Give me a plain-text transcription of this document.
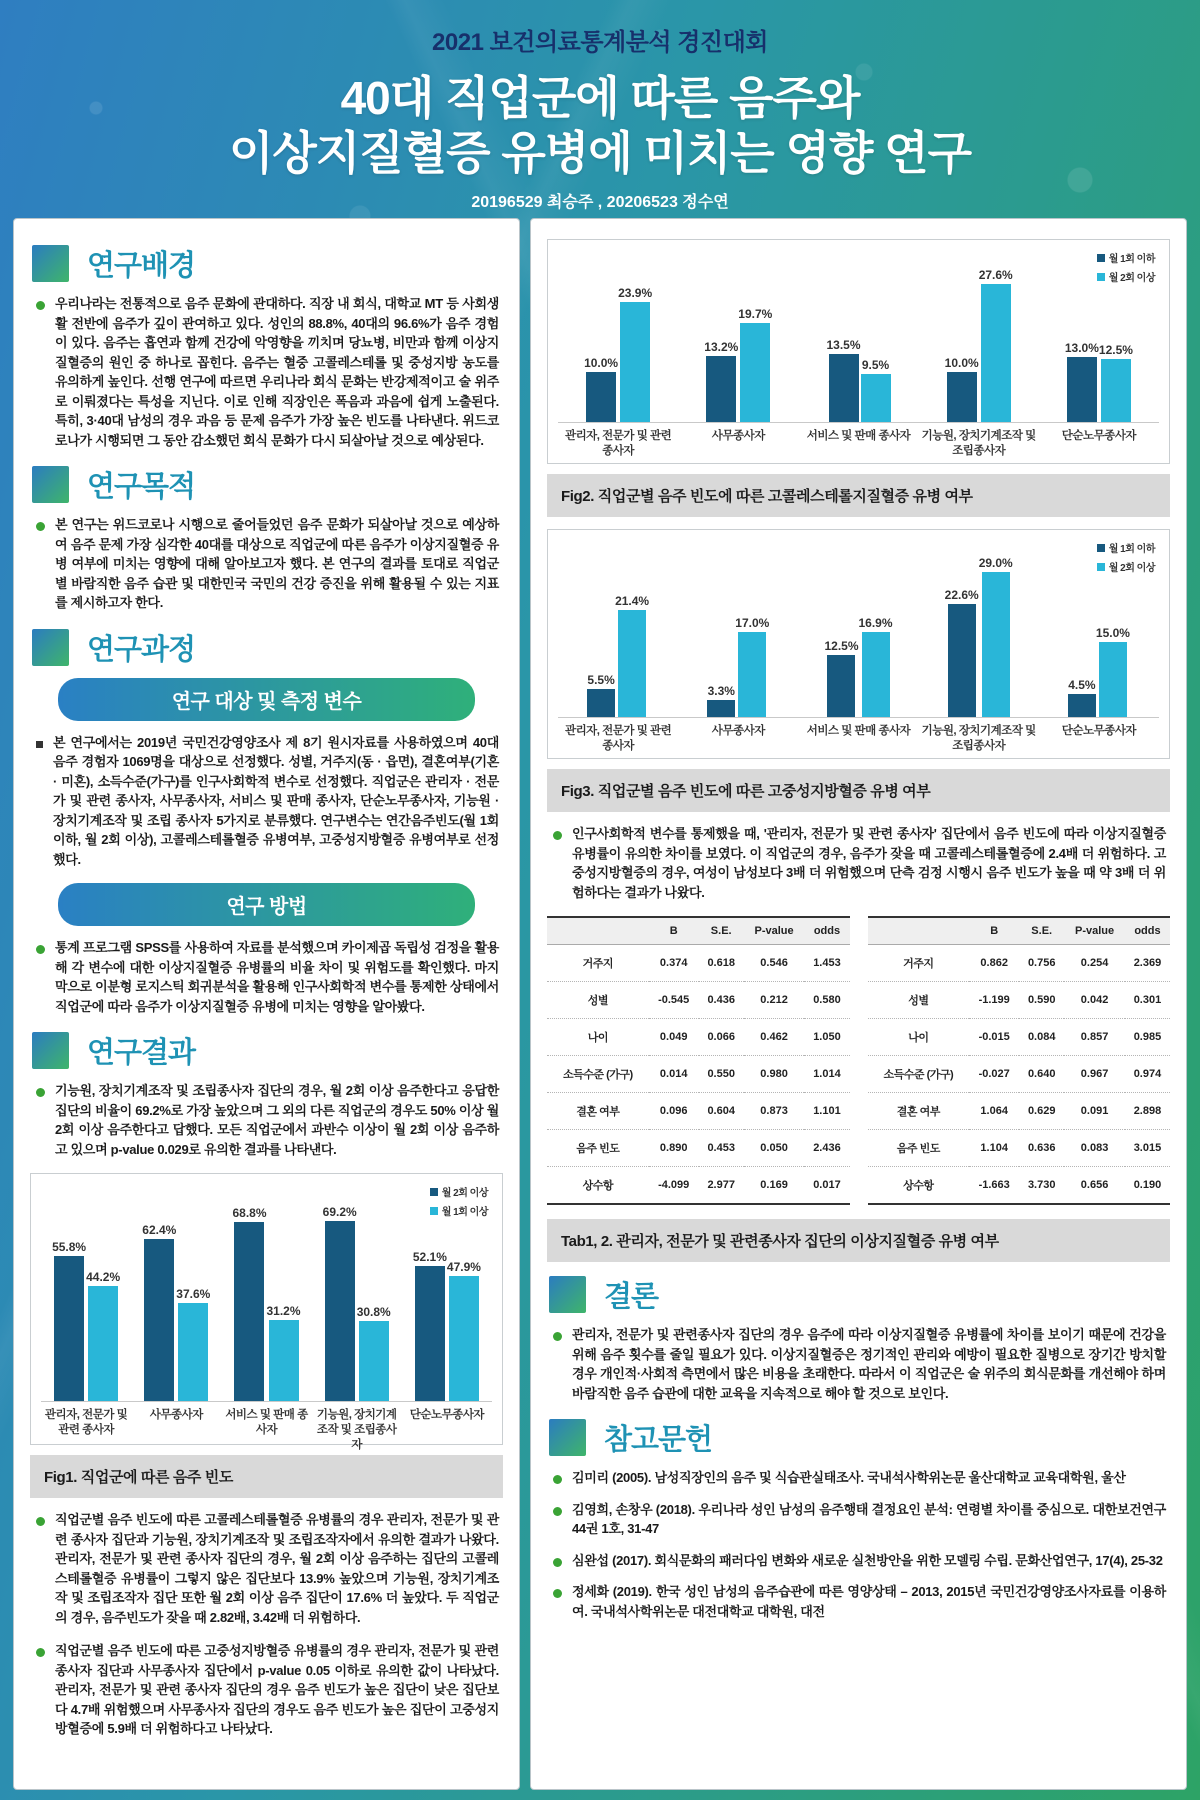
2021 보건의료통계분석 경진대회
40대 직업군에 따른 음주와
이상지질혈증 유병에 미치는 영향 연구
20196529 최승주 , 20206523 정수연
연구배경
우리나라는 전통적으로 음주 문화에 관대하다. 직장 내 회식, 대학교 MT 등 사회생활 전반에 음주가 깊이 관여하고 있다. 성인의 88.8%, 40대의 96.6%가 음주 경험이 있다. 음주는 흡연과 함께 건강에 악영향을 끼치며 당뇨병, 비만과 함께 이상지질혈증의 원인 중 하나로 꼽힌다. 음주는 혈중 고콜레스테롤 및 중성지방 농도를 유의하게 높인다. 선행 연구에 따르면 우리나라 회식 문화는 반강제적이고 술 위주로 이뤄졌다는 특성을 지닌다. 이로 인해 직장인은 폭음과 과음에 쉽게 노출된다. 특히, 3·40대 남성의 경우 과음 등 문제 음주가 가장 높은 빈도를 나타낸다. 위드코로나가 시행되면 그 동안 감소했던 회식 문화가 다시 되살아날 것으로 예상된다.
연구목적
본 연구는 위드코로나 시행으로 줄어들었던 음주 문화가 되살아날 것으로 예상하여 음주 문제 가장 심각한 40대를 대상으로 직업군에 따른 음주가 이상지질혈증 유병 여부에 미치는 영향에 대해 알아보고자 했다. 본 연구의 결과를 토대로 직업군별 바람직한 음주 습관 및 대한민국 국민의 건강 증진을 위해 활용될 수 있는 지표를 제시하고자 한다.
연구과정
연구 대상 및 측정 변수
본 연구에서는 2019년 국민건강영양조사 제 8기 원시자료를 사용하였으며 40대 음주 경험자 1069명을 대상으로 선정했다. 성별, 거주지(동 · 읍면), 결혼여부(기혼 · 미혼), 소득수준(가구)를 인구사회학적 변수로 선정했다. 직업군은 관리자 · 전문가 및 관련 종사자, 사무종사자, 서비스 및 판매 종사자, 단순노무종사자, 기능원 · 장치기계조작 및 조립 종사자 5가지로 분류했다. 연구변수는 연간음주빈도(월 1회 이하, 월 2회 이상), 고콜레스테롤혈증 유병여부, 고중성지방혈증 유병여부로 선정했다.
연구 방법
통계 프로그램 SPSS를 사용하여 자료를 분석했으며 카이제곱 독립성 검정을 활용해 각 변수에 대한 이상지질혈증 유병률의 비율 차이 및 위험도를 확인했다. 마지막으로 이분형 로지스틱 회귀분석을 활용해 인구사회학적 변수를 통제한 상태에서 직업군에 따라 음주가 이상지질혈증 유병에 미치는 영향을 알아봤다.
연구결과
기능원, 장치기계조작 및 조립종사자 집단의 경우, 월 2회 이상 음주한다고 응답한 집단의 비율이 69.2%로 가장 높았으며 그 외의 다른 직업군의 경우도 50% 이상 월 2회 이상 음주한다고 답했다. 모든 직업군에서 과반수 이상이 월 2회 이상 음주하고 있으며 p-value 0.029로 유의한 결과를 나타낸다.
월 2회 이상
월 1회 이상
55.8%
44.2%
관리자, 전문가 및 관련 종사자
62.4%
37.6%
사무종사자
68.8%
31.2%
서비스 및 판매 종사자
69.2%
30.8%
기능원, 장치기계조작 및 조립종사자
52.1%
47.9%
단순노무종사자
Fig1. 직업군에 따른 음주 빈도
직업군별 음주 빈도에 따른 고콜레스테롤혈증 유병률의 경우 관리자, 전문가 및 관련 종사자 집단과 기능원, 장치기계조작 및 조립조작자에서 유의한 결과가 나왔다. 관리자, 전문가 및 관련 종사자 집단의 경우, 월 2회 이상 음주하는 집단의 고콜레스테롤혈증 유병률이 그렇지 않은 집단보다 13.9% 높았으며 기능원, 장치기계조작 및 조립조작자 집단 또한 월 2회 이상 음주 집단이 17.6% 더 높았다. 두 직업군의 경우, 음주빈도가 잦을 때 2.82배, 3.42배 더 위험하다.
직업군별 음주 빈도에 따른 고중성지방혈증 유병률의 경우 관리자, 전문가 및 관련 종사자 집단과 사무종사자 집단에서 p-value 0.05 이하로 유의한 값이 나타났다. 관리자, 전문가 및 관련 종사자 집단의 경우 음주 빈도가 높은 집단이 낮은 집단보다 4.7배 위험했으며 사무종사자 집단의 경우도 음주 빈도가 높은 집단이 고중성지방혈증에 5.9배 더 위험하다고 나타났다.
월 1회 이하
월 2회 이상
10.0%
23.9%
관리자, 전문가 및 관련 종사자
13.2%
19.7%
사무종사자
13.5%
9.5%
서비스 및 판매 종사자
10.0%
27.6%
기능원, 장치기계조작 및 조립종사자
13.0% 12.5%
단순노무종사자
Fig2. 직업군별 음주 빈도에 따른 고콜레스테롤지질혈증 유병 여부
월 1회 이하
월 2회 이상
5.5%
21.4%
관리자, 전문가 및 관련 종사자
3.3%
17.0%
사무종사자
12.5%
16.9%
서비스 및 판매 종사자
22.6%
29.0%
기능원, 장치기계조작 및 조립종사자
4.5%
15.0%
단순노무종사자
Fig3. 직업군별 음주 빈도에 따른 고중성지방혈증 유병 여부
인구사회학적 변수를 통제했을 때, '관리자, 전문가 및 관련 종사자' 집단에서 음주 빈도에 따라 이상지질혈증 유병률이 유의한 차이를 보였다. 이 직업군의 경우, 음주가 잦을 때 고콜레스테롤혈증에 2.4배 더 위험하다. 고중성지방혈증의 경우, 여성이 남성보다 3배 더 위험했으며 단측 검정 시행시 음주 빈도가 높을 때 약 3배 더 위험하다는 결과가 나왔다.
	B	S.E.	P-value	odds
거주지	0.374	0.618	0.546	1.453
성별	-0.545	0.436	0.212	0.580
나이	0.049	0.066	0.462	1.050
소득수준 (가구)	0.014	0.550	0.980	1.014
결혼 여부	0.096	0.604	0.873	1.101
음주 빈도	0.890	0.453	0.050	2.436
상수항	-4.099	2.977	0.169	0.017
	B	S.E.	P-value	odds
거주지	0.862	0.756	0.254	2.369
성별	-1.199	0.590	0.042	0.301
나이	-0.015	0.084	0.857	0.985
소득수준 (가구)	-0.027	0.640	0.967	0.974
결혼 여부	1.064	0.629	0.091	2.898
음주 빈도	1.104	0.636	0.083	3.015
상수항	-1.663	3.730	0.656	0.190
Tab1, 2. 관리자, 전문가 및 관련종사자 집단의 이상지질혈증 유병 여부
결론
관리자, 전문가 및 관련종사자 집단의 경우 음주에 따라 이상지질혈증 유병률에 차이를 보이기 때문에 건강을 위해 음주 횟수를 줄일 필요가 있다. 이상지질혈증은 정기적인 관리와 예방이 필요한 질병으로 장기간 방치할 경우 개인적·사회적 측면에서 많은 비용을 초래한다. 따라서 이 직업군은 술 위주의 회식문화를 개선해야 하며 바람직한 음주 습관에 대한 교육을 지속적으로 해야 할 것으로 보인다.
참고문헌
김미리 (2005). 남성직장인의 음주 및 식습관실태조사. 국내석사학위논문 울산대학교 교육대학원, 울산
김영희, 손창우 (2018). 우리나라 성인 남성의 음주행태 결정요인 분석: 연령별 차이를 중심으로. 대한보건연구 44권 1호, 31-47
심완섭 (2017). 회식문화의 패러다임 변화와 새로운 실천방안을 위한 모델링 수립. 문화산업연구, 17(4), 25-32
정세화 (2019). 한국 성인 남성의 음주습관에 따른 영양상태 – 2013, 2015년 국민건강영양조사자료를 이용하여. 국내석사학위논문 대전대학교 대학원, 대전
